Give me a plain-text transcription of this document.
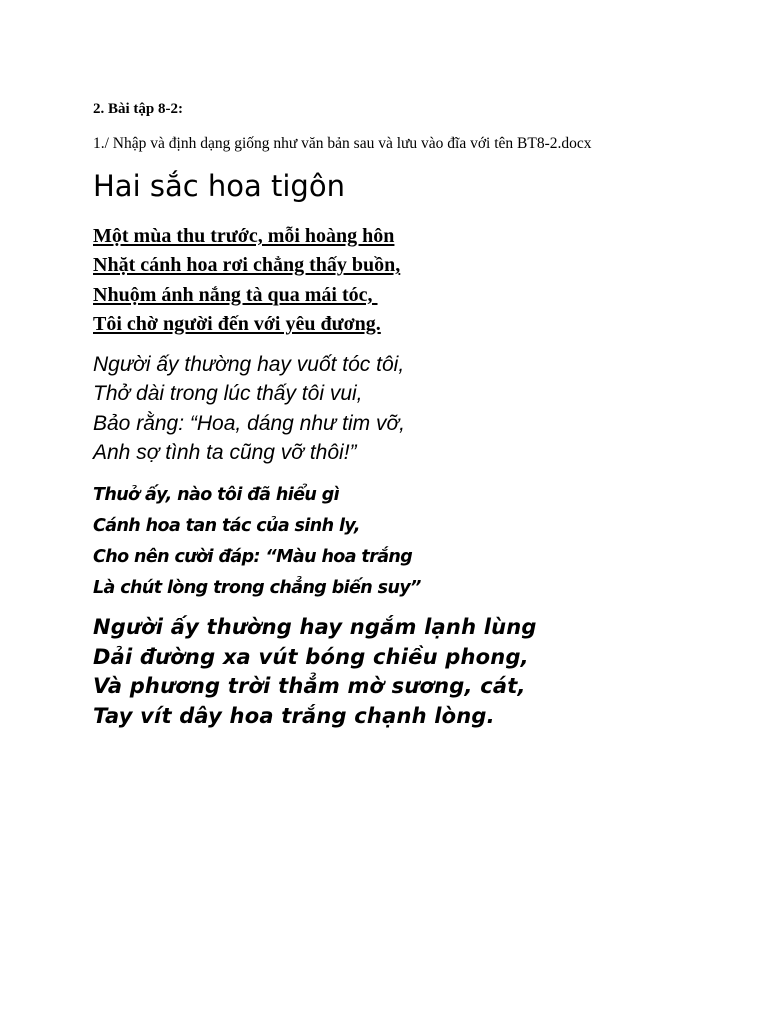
2. Bài tập 8-2:
1./ Nhập và định dạng giống như văn bản sau và lưu vào đĩa với tên BT8-2.docx
Hai sắc hoa tigôn
Một mùa thu trước, mỗi hoàng hôn
Nhặt cánh hoa rơi chẳng thấy buồn,
Nhuộm ánh nắng tà qua mái tóc,
Tôi chờ người đến với yêu đương.
Người ấy thường hay vuốt tóc tôi,
Thở dài trong lúc thấy tôi vui,
Bảo rằng: “Hoa, dáng như tim vỡ,
Anh sợ tình ta cũng vỡ thôi!”
Thuở ấy, nào tôi đã hiểu gì
Cánh hoa tan tác của sinh ly,
Cho nên cười đáp: “Màu hoa trắng
Là chút lòng trong chẳng biến suy”
Người ấy thường hay ngắm lạnh lùng
Dải đường xa vút bóng chiều phong,
Và phương trời thẳm mờ sương, cát,
Tay vít dây hoa trắng chạnh lòng.
